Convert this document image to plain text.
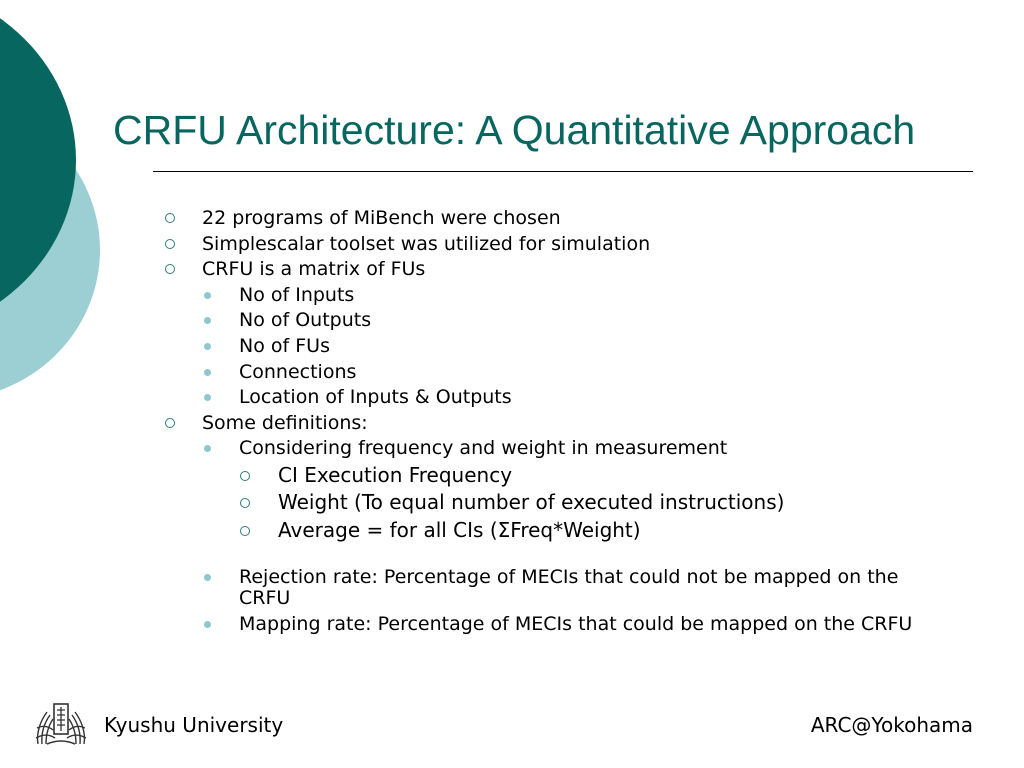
CRFU Architecture: A Quantitative Approach
22 programs of MiBench were chosen
Simplescalar toolset was utilized for simulation
CRFU is a matrix of FUs
No of Inputs
No of Outputs
No of FUs
Connections
Location of Inputs & Outputs
Some definitions:
Considering frequency and weight in measurement
CI Execution Frequency
Weight (To equal number of executed instructions)
Average = for all CIs (ΣFreq*Weight)
Rejection rate: Percentage of MECIs that could not be mapped on the CRFU
Mapping rate: Percentage of MECIs that could be mapped on the CRFU
Kyushu University	ARC@Yokohama
